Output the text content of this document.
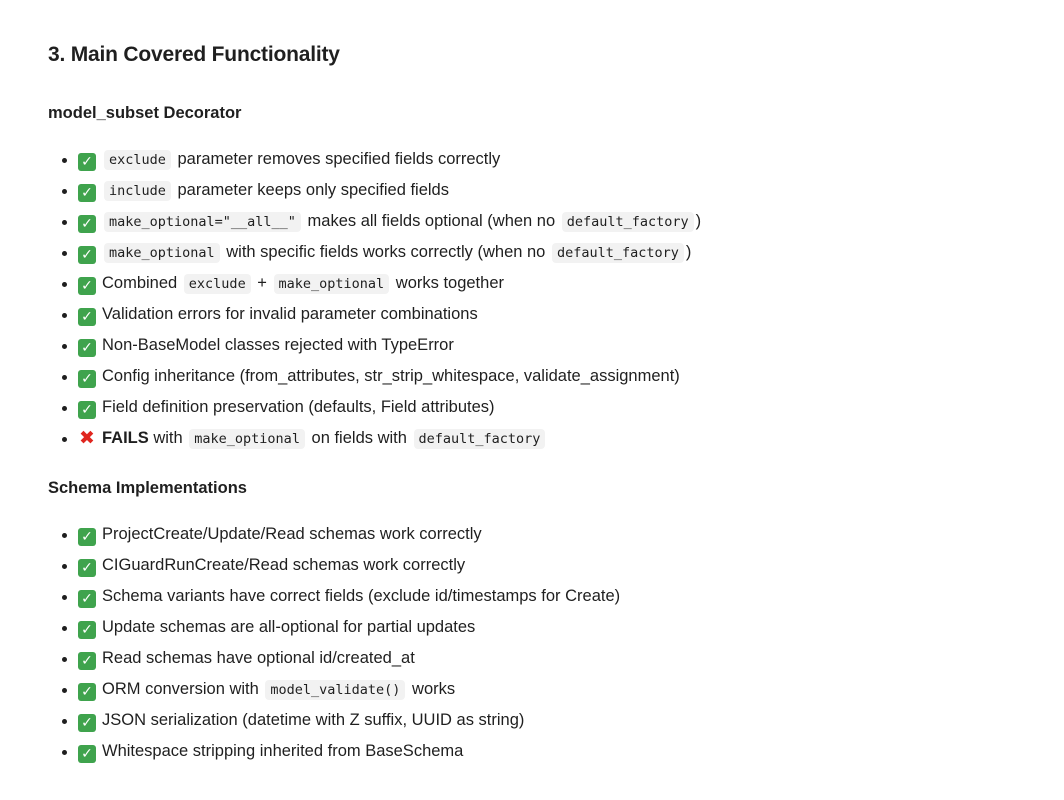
3. Main Covered Functionality
model_subset Decorator
✓ exclude parameter removes specified fields correctly
✓ include parameter keeps only specified fields
✓ make_optional="__all__" makes all fields optional (when no default_factory )
✓ make_optional with specific fields works correctly (when no default_factory )
✓ Combined exclude + make_optional works together
✓ Validation errors for invalid parameter combinations
✓ Non-BaseModel classes rejected with TypeError
✓ Config inheritance (from_attributes, str_strip_whitespace, validate_assignment)
✓ Field definition preservation (defaults, Field attributes)
✖ FAILS with make_optional on fields with default_factory
Schema Implementations
✓ ProjectCreate/Update/Read schemas work correctly
✓ CIGuardRunCreate/Read schemas work correctly
✓ Schema variants have correct fields (exclude id/timestamps for Create)
✓ Update schemas are all-optional for partial updates
✓ Read schemas have optional id/created_at
✓ ORM conversion with model_validate() works
✓ JSON serialization (datetime with Z suffix, UUID as string)
✓ Whitespace stripping inherited from BaseSchema
